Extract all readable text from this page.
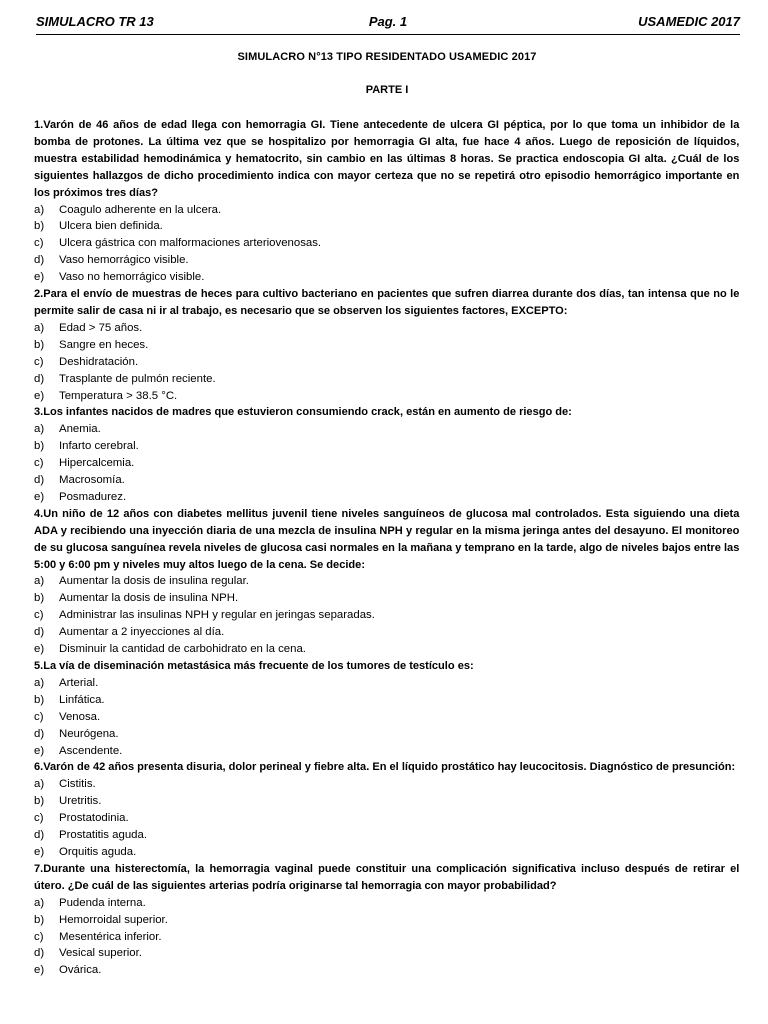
SIMULACRO TR 13	Pag. 1	USAMEDIC 2017

SIMULACRO N°13 TIPO RESIDENTADO USAMEDIC 2017

PARTE I

1.Varón de 46 años de edad llega con hemorragia GI. Tiene antecedente de ulcera GI péptica, por lo que toma un inhibidor de la bomba de protones. La última vez que se hospitalizo por hemorragia GI alta, fue hace 4 años. Luego de reposición de líquidos, muestra estabilidad hemodinámica y hematocrito, sin cambio en las últimas 8 horas. Se practica endoscopia GI alta. ¿Cuál de los siguientes hallazgos de dicho procedimiento indica con mayor certeza que no se repetirá otro episodio hemorrágico importante en los próximos tres días?

a)	Coagulo adherente en la ulcera.
b)	Ulcera bien definida.
c)	Ulcera gástrica con malformaciones arteriovenosas.
d)	Vaso hemorrágico visible.
e)	Vaso no hemorrágico visible.

2.Para el envío de muestras de heces para cultivo bacteriano en pacientes que sufren diarrea durante dos días, tan intensa que no le permite salir de casa ni ir al trabajo, es necesario que se observen los siguientes factores, EXCEPTO:

a)	Edad > 75 años.
b)	Sangre en heces.
c)	Deshidratación.
d)	Trasplante de pulmón reciente.
e)	Temperatura > 38.5 °C.

3.Los infantes nacidos de madres que estuvieron consumiendo crack, están en aumento de riesgo de:

a)	Anemia.
b)	Infarto cerebral.
c)	Hipercalcemia.
d)	Macrosomía.
e)	Posmadurez.

4.Un niño de 12 años con diabetes mellitus juvenil tiene niveles sanguíneos de glucosa mal controlados. Esta siguiendo una dieta ADA y recibiendo una inyección diaria de una mezcla de insulina NPH y regular en la misma jeringa antes del desayuno. El monitoreo de su glucosa sanguínea revela niveles de glucosa casi normales en la mañana y temprano en la tarde, algo de niveles bajos entre las 5:00 y 6:00 pm y niveles muy altos luego de la cena. Se decide:

a)	Aumentar la dosis de insulina regular.
b)	Aumentar la dosis de insulina NPH.
c)	Administrar las insulinas NPH y regular en jeringas separadas.
d)	Aumentar a 2 inyecciones al día.
e)	Disminuir la cantidad de carbohidrato en la cena.

5.La vía de diseminación metastásica más frecuente de los tumores de testículo es:

a)	Arterial.
b)	Linfática.
c)	Venosa.
d)	Neurógena.
e)	Ascendente.

6.Varón de 42 años presenta disuria, dolor perineal y fiebre alta. En el líquido prostático hay leucocitosis. Diagnóstico de presunción:

a)	Cistitis.
b)	Uretritis.
c)	Prostatodinia.
d)	Prostatitis aguda.
e)	Orquitis aguda.

7.Durante una histerectomía, la hemorragia vaginal puede constituir una complicación significativa incluso después de retirar el útero. ¿De cuál de las siguientes arterias podría originarse tal hemorragia con mayor probabilidad?

a)	Pudenda interna.
b)	Hemorroidal superior.
c)	Mesentérica inferior.
d)	Vesical superior.
e)	Ovárica.
